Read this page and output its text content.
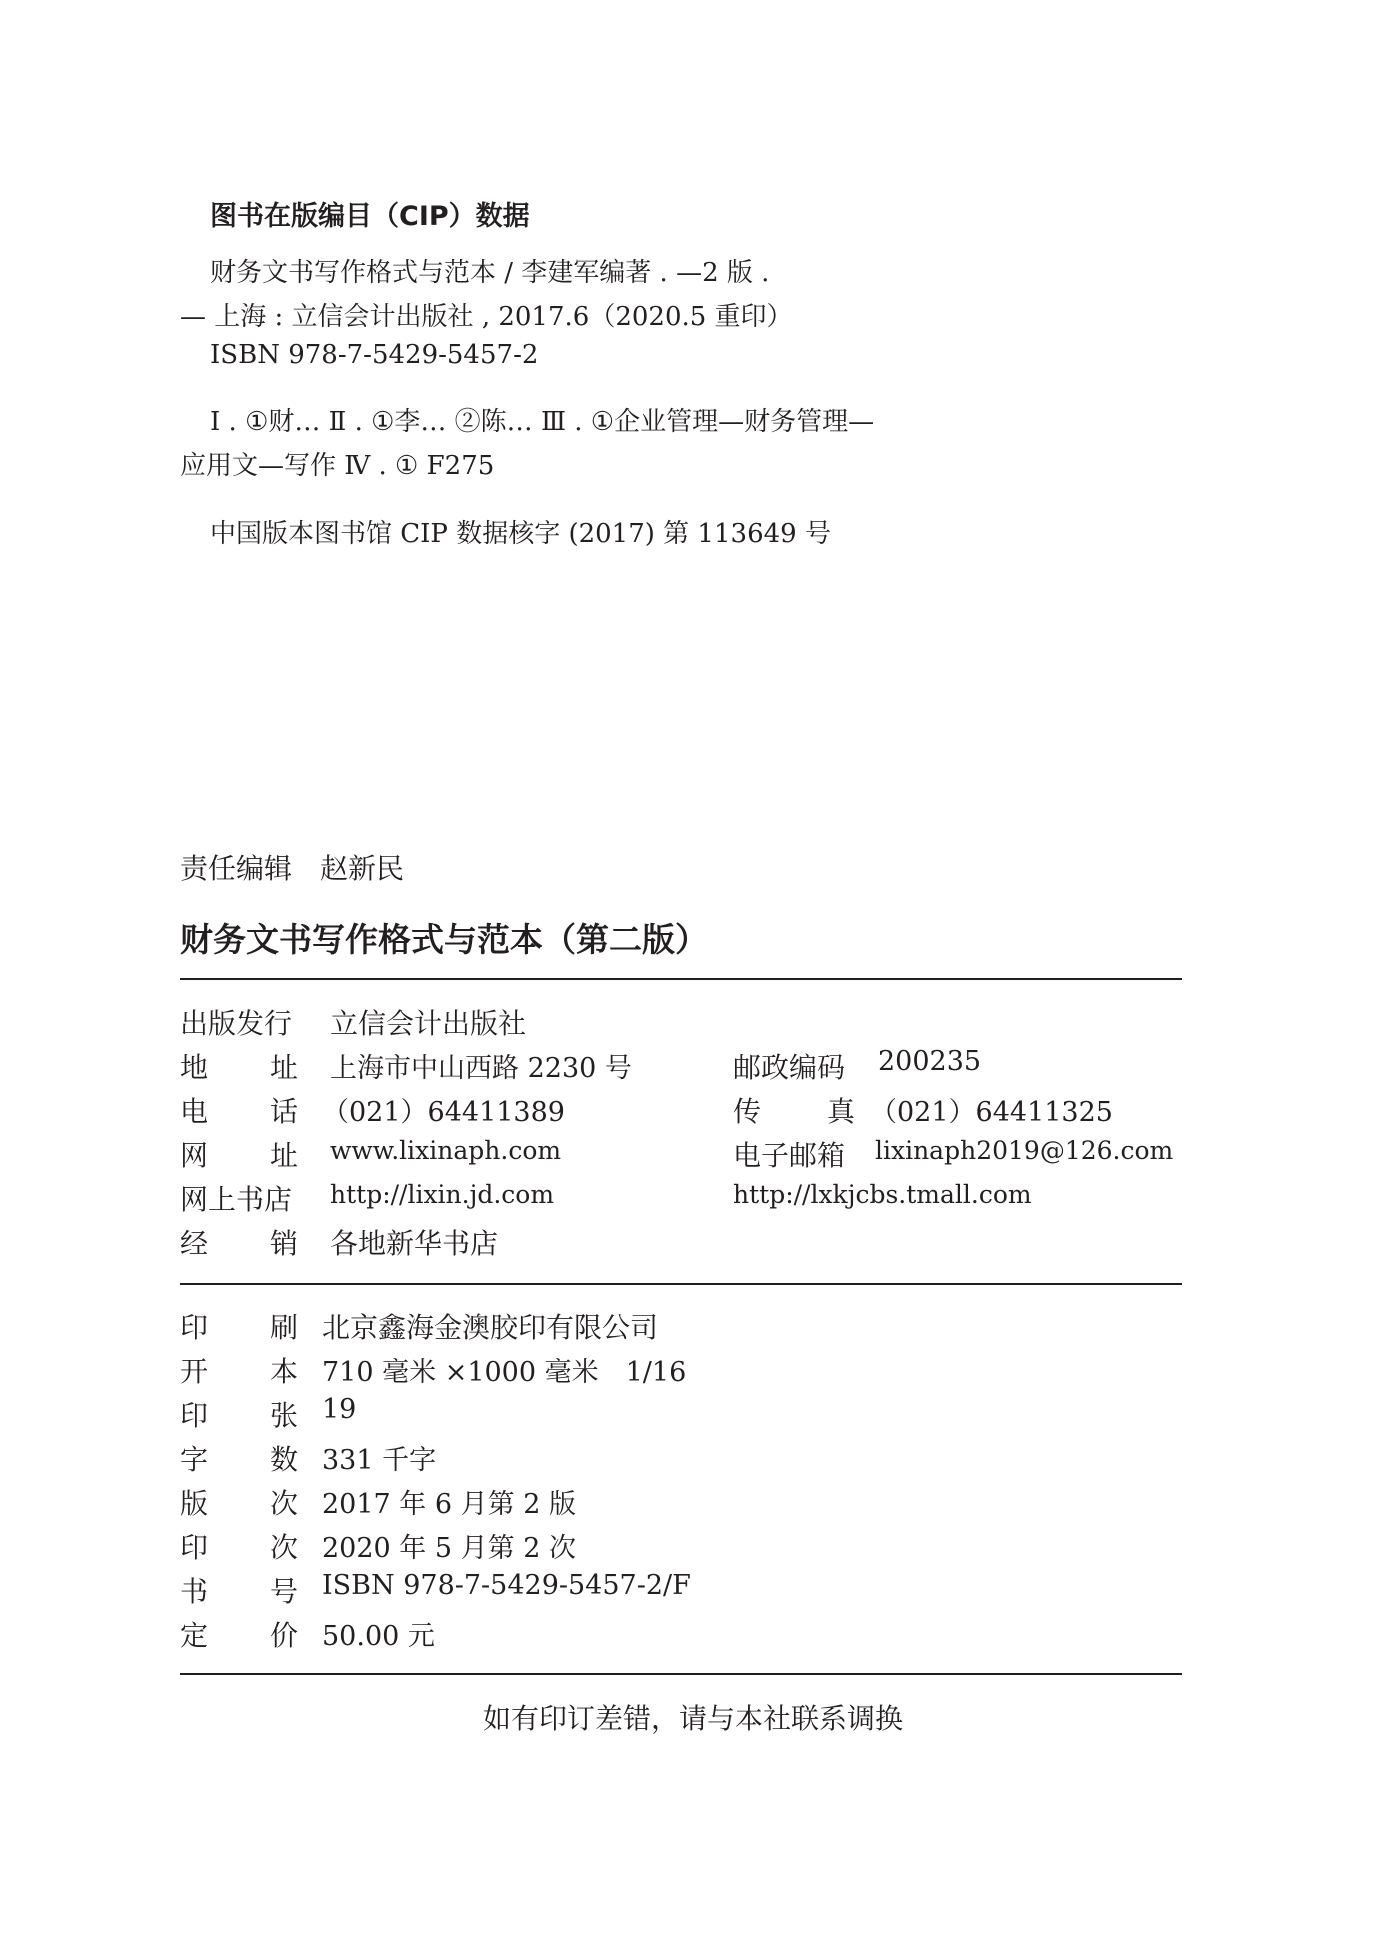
图书在版编目（CIP）数据
财务文书写作格式与范本 / 李建军编著 . —2 版 .
— 上海 : 立信会计出版社 , 2017.6（2020.5 重印）
ISBN 978-7-5429-5457-2
Ⅰ . ①财… Ⅱ . ①李… ②陈… Ⅲ . ①企业管理—财务管理—
应用文—写作 Ⅳ . ① F275
中国版本图书馆 CIP 数据核字 (2017) 第 113649 号
责任编辑 赵新民
财务文书写作格式与范本（第二版）
出版发行 立信会计出版社
地 址 上海市中山西路 2230 号	邮政编码 200235
电 话 （021）64411389	传 真 （021）64411325
网 址 www.lixinaph.com	电子邮箱 lixinaph2019@126.com
网上书店 http://lixin.jd.com	http://lxkjcbs.tmall.com
经 销 各地新华书店
印 刷 北京鑫海金澳胶印有限公司
开 本 710 毫米 ×1000 毫米　1/16
印 张 19
字 数 331 千字
版 次 2017 年 6 月第 2 版
印 次 2020 年 5 月第 2 次
书 号 ISBN 978-7-5429-5457-2/F
定 价 50.00 元
如有印订差错，请与本社联系调换
